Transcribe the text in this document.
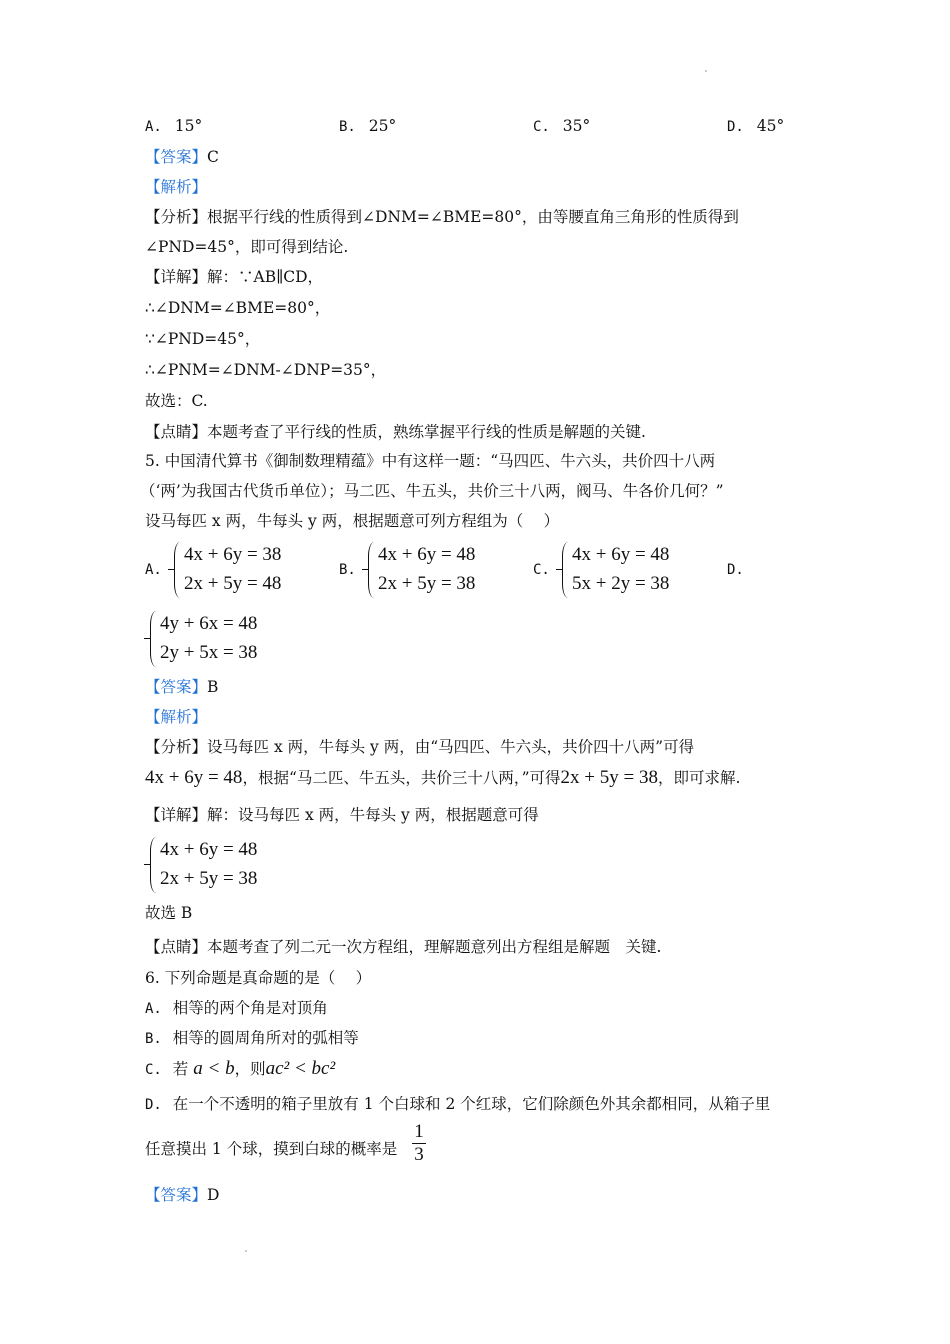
A. 15°	B. 25°	C. 35°	D. 45°
【答案】C
【解析】
【分析】根据平行线的性质得到∠DNM=∠BME=80°，由等腰直角三角形的性质得到
∠PND=45°，即可得到结论.
【详解】解：∵AB∥CD，
∴∠DNM=∠BME=80°，
∵∠PND=45°，
∴∠PNM=∠DNM-∠DNP=35°，
故选：C.
【点睛】本题考查了平行线的性质，熟练掌握平行线的性质是解题的关键.
5. 中国清代算书《御制数理精蕴》中有这样一题：“马四匹、牛六头，共价四十八两
（‘两’为我国古代货币单位）；马二匹、牛五头，共价三十八两，阀马、牛各价几何？”
设马每匹 x 两，牛每头 y 两，根据题意可列方程组为（　 ）
A.
4x + 6y = 38
2x + 5y = 48
B.
4x + 6y = 48
2x + 5y = 38
C.
4x + 6y = 48
5x + 2y = 38
D.
4y + 6x = 48
2y + 5x = 38
【答案】B
【解析】
【分析】设马每匹 x 两，牛每头 y 两，由“马四匹、牛六头，共价四十八两”可得
4x + 6y = 48，根据“马二匹、牛五头，共价三十八两，”可得2x + 5y = 38，即可求解.
【详解】解：设马每匹 x 两，牛每头 y 两，根据题意可得
4x + 6y = 48
2x + 5y = 38
故选 B
【点睛】本题考查了列二元一次方程组，理解题意列出方程组是解题　关键.
6. 下列命题是真命题的是（　 ）
A. 相等的两个角是对顶角
B. 相等的圆周角所对的弧相等
C. 若 a < b，则ac² < bc²
D. 在一个不透明的箱子里放有 1 个白球和 2 个红球，它们除颜色外其余都相同，从箱子里
任意摸出 1 个球，摸到白球的概率是
1
3
【答案】D
